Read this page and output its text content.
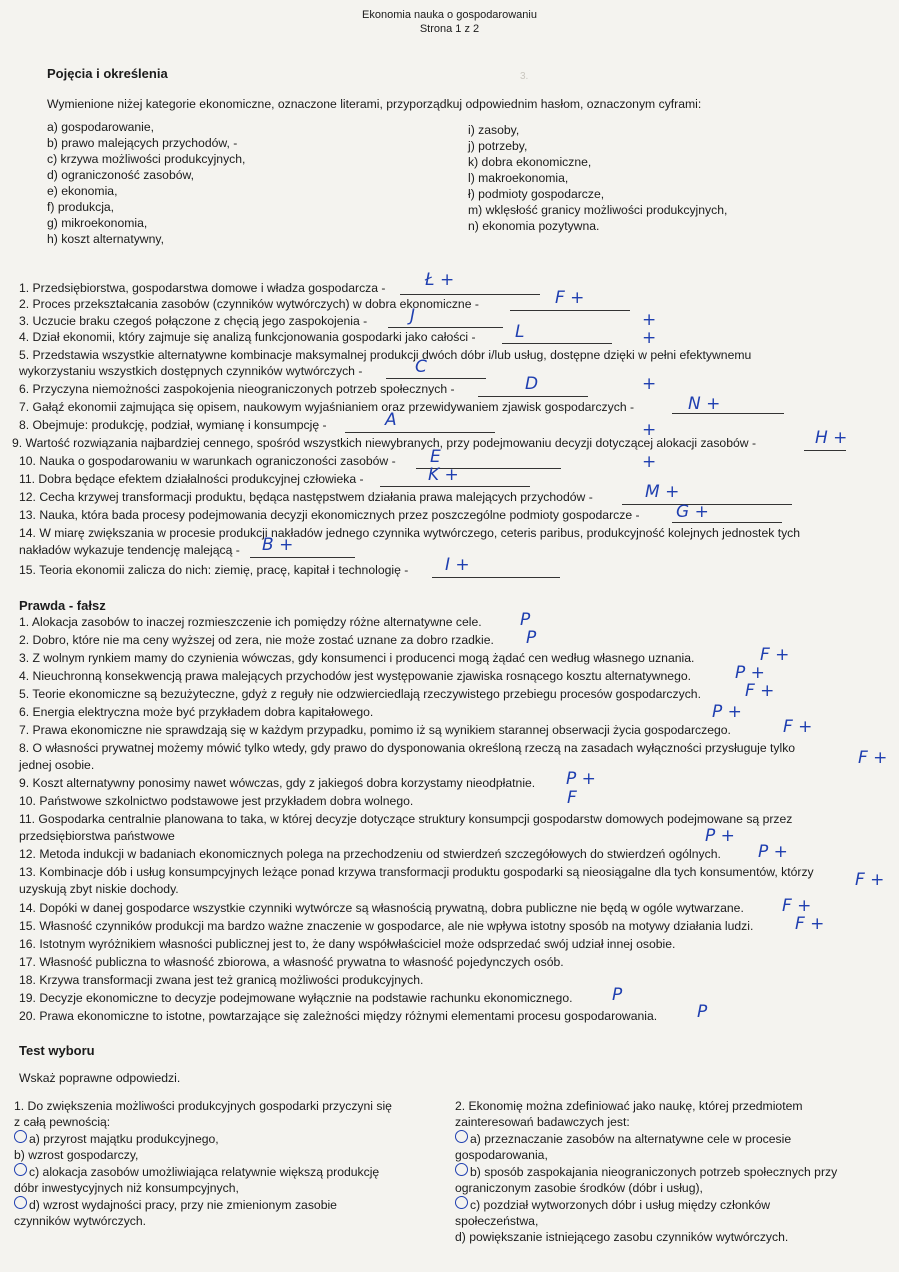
Ekonomia nauka o gospodarowaniu
Strona 1 z 2
3.
Pojęcia i określenia
Wymienione niżej kategorie ekonomiczne, oznaczone literami, przyporządkuj odpowiednim hasłom, oznaczonym cyframi:
a) gospodarowanie,
b) prawo malejących przychodów, -
c) krzywa możliwości produkcyjnych,
d) ograniczoność zasobów,
e) ekonomia,
f) produkcja,
g) mikroekonomia,
h) koszt alternatywny,
i) zasoby,
j) potrzeby,
k) dobra ekonomiczne,
l) makroekonomia,
ł) podmioty gospodarcze,
m) wklęsłość granicy możliwości produkcyjnych,
n) ekonomia pozytywna.
1. Przedsiębiorstwa, gospodarstwa domowe i władza gospodarcza - Ł +
2. Proces przekształcania zasobów (czynników wytwórczych) w dobra ekonomiczne -	F +
3. Uczucie braku czegoś połączone z chęcią jego zaspokojenia -	J	+
4. Dział ekonomii, który zajmuje się analizą funkcjonowania gospodarki jako całości - L	+
5. Przedstawia wszystkie alternatywne kombinacje maksymalnej produkcji dwóch dóbr i/lub usług, dostępne dzięki w pełni efektywnemu
wykorzystaniu wszystkich dostępnych czynników wytwórczych -	C
6. Przyczyna niemożności zaspokojenia nieograniczonych potrzeb społecznych -	D	+
7. Gałąź ekonomii zajmująca się opisem, naukowym wyjaśnianiem oraz przewidywaniem zjawisk gospodarczych -	N +
8. Obejmuje: produkcję, podział, wymianę i konsumpcję -	A	+
9. Wartość rozwiązania najbardziej cennego, spośród wszystkich niewybranych, przy podejmowaniu decyzji dotyczącej alokacji zasobów -	H +
10. Nauka o gospodarowaniu w warunkach ograniczoności zasobów - E	+
11. Dobra będące efektem działalności produkcyjnej człowieka -	K +
12. Cecha krzywej transformacji produktu, będąca następstwem działania prawa malejących przychodów -	M +
13. Nauka, która bada procesy podejmowania decyzji ekonomicznych przez poszczególne podmioty gospodarcze - G +
14. W miarę zwiększania w procesie produkcji nakładów jednego czynnika wytwórczego, ceteris paribus, produkcyjność kolejnych jednostek tych
nakładów wykazuje tendencję malejącą - B +
15. Teoria ekonomii zalicza do nich: ziemię, pracę, kapitał i technologię - I +
Prawda - fałsz
1. Alokacja zasobów to inaczej rozmieszczenie ich pomiędzy różne alternatywne cele. P
2. Dobro, które nie ma ceny wyższej od zera, nie może zostać uznane za dobro rzadkie. P
3. Z wolnym rynkiem mamy do czynienia wówczas, gdy konsumenci i producenci mogą żądać cen według własnego uznania.	F +
4. Nieuchronną konsekwencją prawa malejących przychodów jest występowanie zjawiska rosnącego kosztu alternatywnego.	P +
5. Teorie ekonomiczne są bezużyteczne, gdyż z reguły nie odzwierciedlają rzeczywistego przebiegu procesów gospodarczych.	F +
6. Energia elektryczna może być przykładem dobra kapitałowego.	P +
7. Prawa ekonomiczne nie sprawdzają się w każdym przypadku, pomimo iż są wynikiem starannej obserwacji życia gospodarczego.	F +
8. O własności prywatnej możemy mówić tylko wtedy, gdy prawo do dysponowania określoną rzeczą na zasadach wyłączności przysługuje tylko
jednej osobie.	F +
9. Koszt alternatywny ponosimy nawet wówczas, gdy z jakiegoś dobra korzystamy nieodpłatnie. P +
10. Państwowe szkolnictwo podstawowe jest przykładem dobra wolnego.	F
11. Gospodarka centralnie planowana to taka, w której decyzje dotyczące struktury konsumpcji gospodarstw domowych podejmowane są przez
przedsiębiorstwa państwowe	P +
12. Metoda indukcji w badaniach ekonomicznych polega na przechodzeniu od stwierdzeń szczegółowych do stwierdzeń ogólnych. P +
13. Kombinacje dób i usług konsumpcyjnych leżące ponad krzywa transformacji produktu gospodarki są nieosiągalne dla tych konsumentów, którzy
uzyskują zbyt niskie dochody.	F +
14. Dopóki w danej gospodarce wszystkie czynniki wytwórcze są własnością prywatną, dobra publiczne nie będą w ogóle wytwarzane. F +
15. Własność czynników produkcji ma bardzo ważne znaczenie w gospodarce, ale nie wpływa istotny sposób na motywy działania ludzi. F +
16. Istotnym wyróżnikiem własności publicznej jest to, że dany współwłaściciel może odsprzedać swój udział innej osobie.
17. Własność publiczna to własność zbiorowa, a własność prywatna to własność pojedynczych osób.
18. Krzywa transformacji zwana jest też granicą możliwości produkcyjnych.
19. Decyzje ekonomiczne to decyzje podejmowane wyłącznie na podstawie rachunku ekonomicznego. P
20. Prawa ekonomiczne to istotne, powtarzające się zależności między różnymi elementami procesu gospodarowania. P
Test wyboru
Wskaż poprawne odpowiedzi.
1. Do zwiększenia możliwości produkcyjnych gospodarki przyczyni się z całą pewnością:
a) przyrost majątku produkcyjnego,
b) wzrost gospodarczy,
c) alokacja zasobów umożliwiająca relatywnie większą produkcję dóbr inwestycyjnych niż konsumpcyjnych,
d) wzrost wydajności pracy, przy nie zmienionym zasobie czynników wytwórczych.
2. Ekonomię można zdefiniować jako naukę, której przedmiotem zainteresowań badawczych jest:
a) przeznaczanie zasobów na alternatywne cele w procesie gospodarowania,
b) sposób zaspokajania nieograniczonych potrzeb społecznych przy ograniczonym zasobie środków (dóbr i usług),
c) pozdział wytworzonych dóbr i usług między członków społeczeństwa,
d) powiększanie istniejącego zasobu czynników wytwórczych.
